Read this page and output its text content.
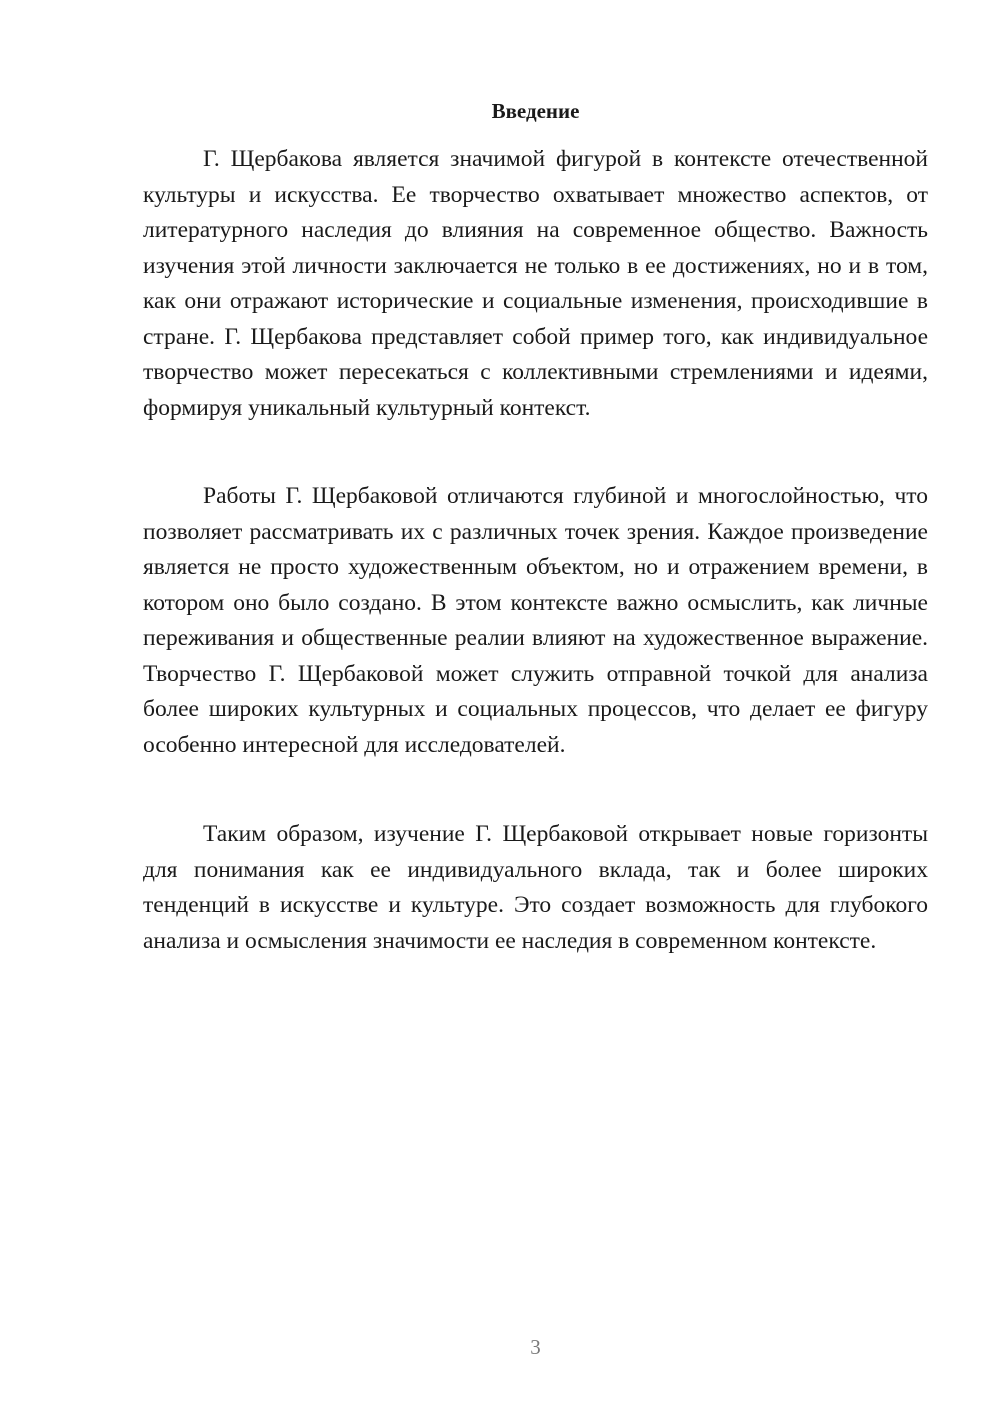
Введение

Г. Щербакова является значимой фигурой в контексте отечественной культуры и искусства. Ее творчество охватывает множество аспектов, от литературного наследия до влияния на современное общество. Важность изучения этой личности заключается не только в ее достижениях, но и в том, как они отражают исторические и социальные изменения, происходившие в стране. Г. Щербакова представляет собой пример того, как индивидуальное творчество может пересекаться с коллективными стремлениями и идеями, формируя уникальный культурный контекст.

Работы Г. Щербаковой отличаются глубиной и многослойностью, что позволяет рассматривать их с различных точек зрения. Каждое произведение является не просто художественным объектом, но и отражением времени, в котором оно было создано. В этом контексте важно осмыслить, как личные переживания и общественные реалии влияют на художественное выражение. Творчество Г. Щербаковой может служить отправной точкой для анализа более широких культурных и социальных процессов, что делает ее фигуру особенно интересной для исследователей.

Таким образом, изучение Г. Щербаковой открывает новые горизонты для понимания как ее индивидуального вклада, так и более широких тенденций в искусстве и культуре. Это создает возможность для глубокого анализа и осмысления значимости ее наследия в современном контексте.

3
